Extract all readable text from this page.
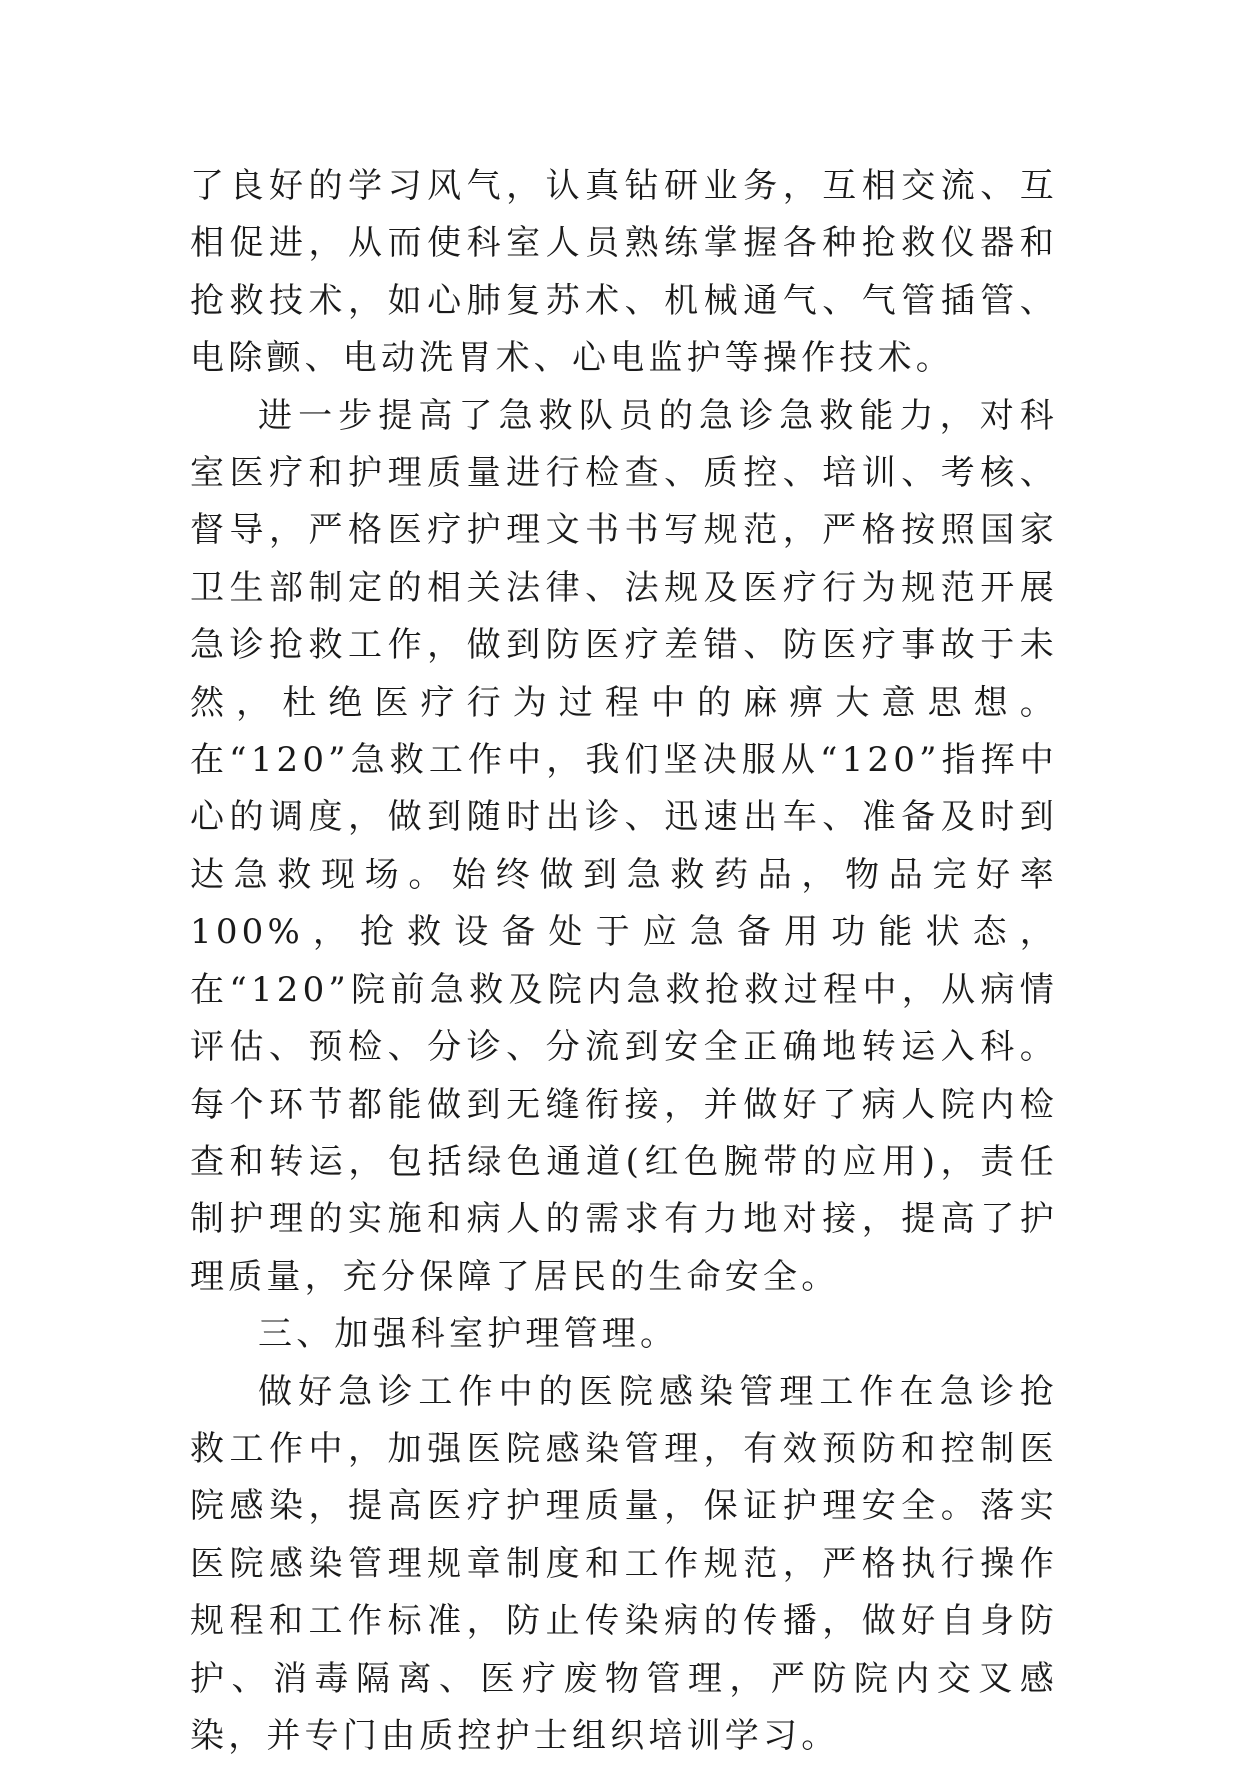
了良好的学习风气，认真钻研业务，互相交流、互相促进，从而使科室人员熟练掌握各种抢救仪器和抢救技术，如心肺复苏术、机械通气、气管插管、电除颤、电动洗胃术、心电监护等操作技术。

进一步提高了急救队员的急诊急救能力，对科室医疗和护理质量进行检查、质控、培训、考核、督导，严格医疗护理文书书写规范，严格按照国家卫生部制定的相关法律、法规及医疗行为规范开展急诊抢救工作，做到防医疗差错、防医疗事故于未然，杜绝医疗行为过程中的麻痹大意思想。在“120”急救工作中，我们坚决服从“120”指挥中心的调度，做到随时出诊、迅速出车、准备及时到达急救现场。始终做到急救药品，物品完好率100%，抢救设备处于应急备用功能状态，在“120”院前急救及院内急救抢救过程中，从病情评估、预检、分诊、分流到安全正确地转运入科。每个环节都能做到无缝衔接，并做好了病人院内检查和转运，包括绿色通道(红色腕带的应用)，责任制护理的实施和病人的需求有力地对接，提高了护理质量，充分保障了居民的生命安全。

三、加强科室护理管理。

做好急诊工作中的医院感染管理工作在急诊抢救工作中，加强医院感染管理，有效预防和控制医院感染，提高医疗护理质量，保证护理安全。落实医院感染管理规章制度和工作规范，严格执行操作规程和工作标准，防止传染病的传播，做好自身防护、消毒隔离、医疗废物管理，严防院内交叉感染，并专门由质控护士组织培训学习。
